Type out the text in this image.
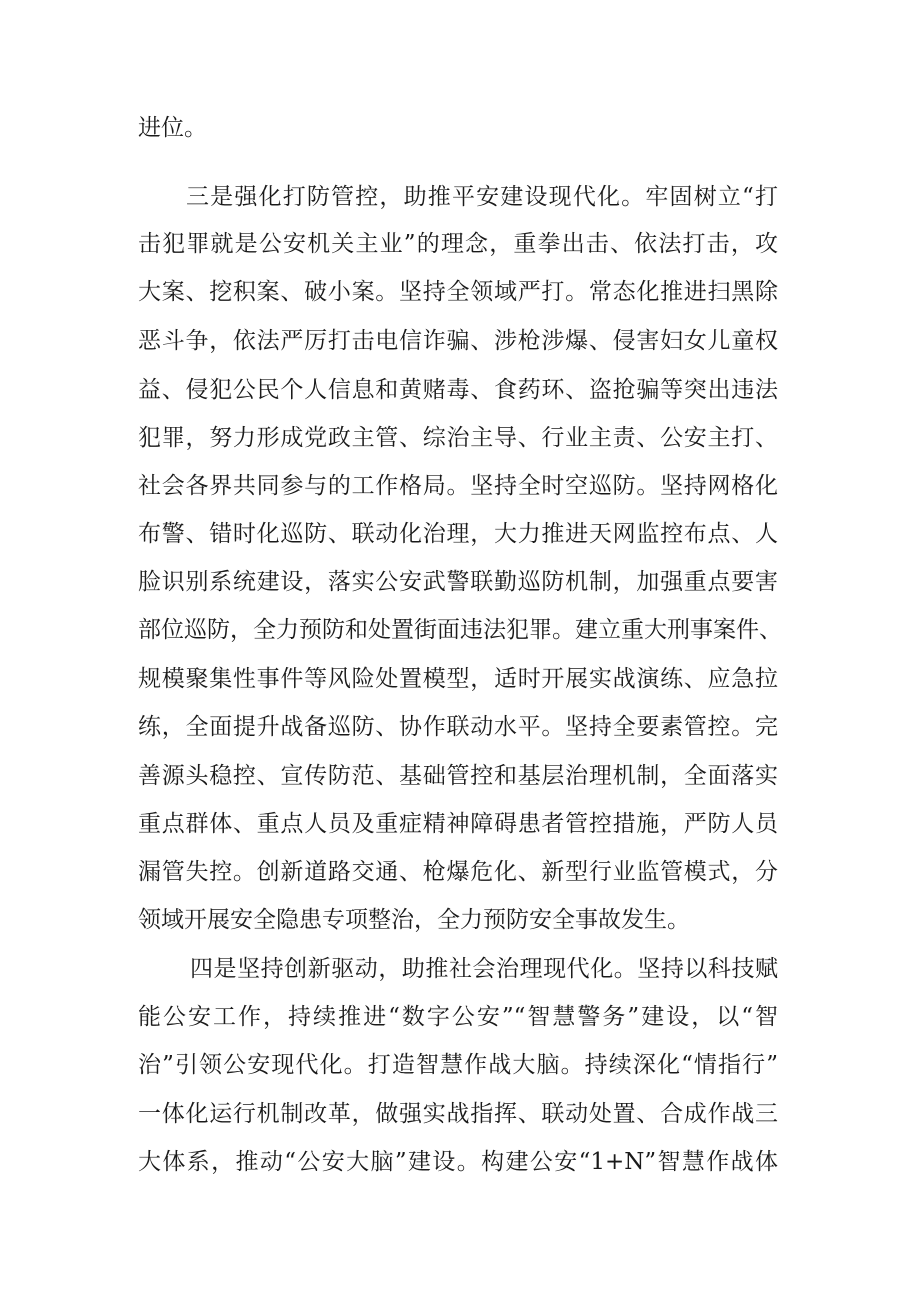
进位。
三是强化打防管控，助推平安建设现代化。牢固树立“打
击犯罪就是公安机关主业”的理念，重拳出击、依法打击，攻
大案、挖积案、破小案。坚持全领域严打。常态化推进扫黑除
恶斗争，依法严厉打击电信诈骗、涉枪涉爆、侵害妇女儿童权
益、侵犯公民个人信息和黄赌毒、食药环、盗抢骗等突出违法
犯罪，努力形成党政主管、综治主导、行业主责、公安主打、
社会各界共同参与的工作格局。坚持全时空巡防。坚持网格化
布警、错时化巡防、联动化治理，大力推进天网监控布点、人
脸识别系统建设，落实公安武警联勤巡防机制，加强重点要害
部位巡防，全力预防和处置街面违法犯罪。建立重大刑事案件、
规模聚集性事件等风险处置模型，适时开展实战演练、应急拉
练，全面提升战备巡防、协作联动水平。坚持全要素管控。完
善源头稳控、宣传防范、基础管控和基层治理机制，全面落实
重点群体、重点人员及重症精神障碍患者管控措施，严防人员
漏管失控。创新道路交通、枪爆危化、新型行业监管模式，分
领域开展安全隐患专项整治，全力预防安全事故发生。
四是坚持创新驱动，助推社会治理现代化。坚持以科技赋
能公安工作，持续推进“数字公安”“智慧警务”建设，以“智
治”引领公安现代化。打造智慧作战大脑。持续深化“情指行”
一体化运行机制改革，做强实战指挥、联动处置、合成作战三
大体系，推动“公安大脑”建设。构建公安“1+N”智慧作战体
